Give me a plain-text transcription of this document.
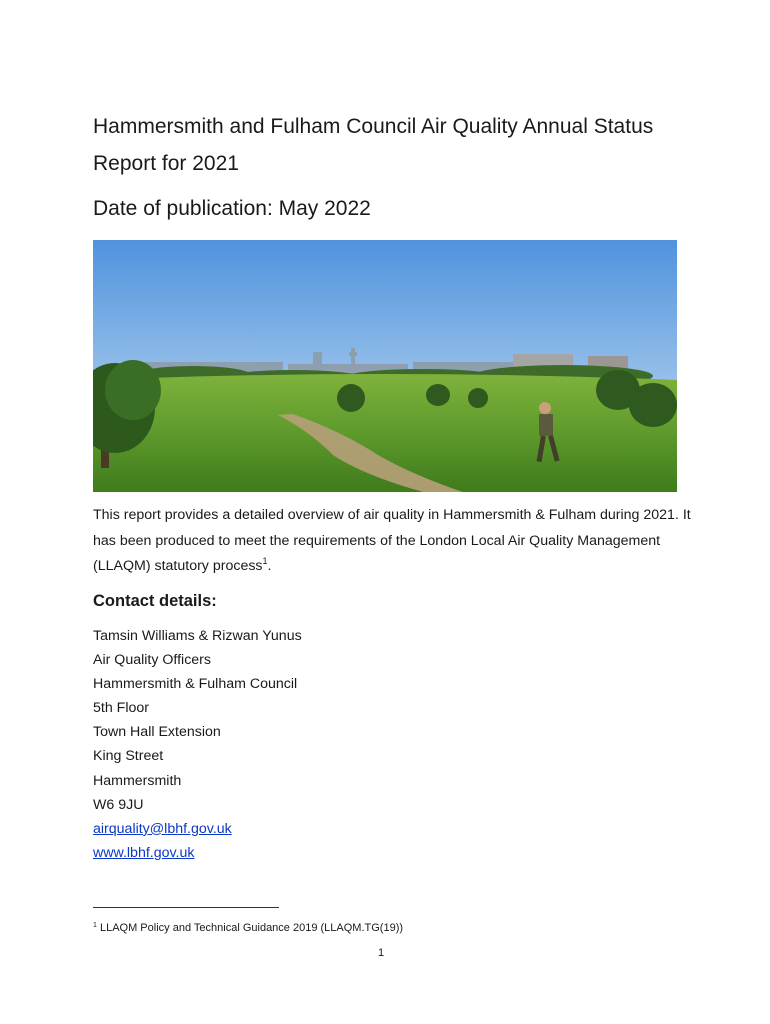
Hammersmith and Fulham Council Air Quality Annual Status Report for 2021
Date of publication: May 2022

This report provides a detailed overview of air quality in Hammersmith & Fulham during 2021. It has been produced to meet the requirements of the London Local Air Quality Management (LLAQM) statutory process$^1$.

Contact details:
Tamsin Williams & Rizwan Yunus
Air Quality Officers
Hammersmith & Fulham Council
5th Floor
Town Hall Extension
King Street
Hammersmith
W6 9JU
airquality@lbhf.gov.uk
www.lbhf.gov.uk

$^1$ LLAQM Policy and Technical Guidance 2019 (LLAQM.TG(19))

1
